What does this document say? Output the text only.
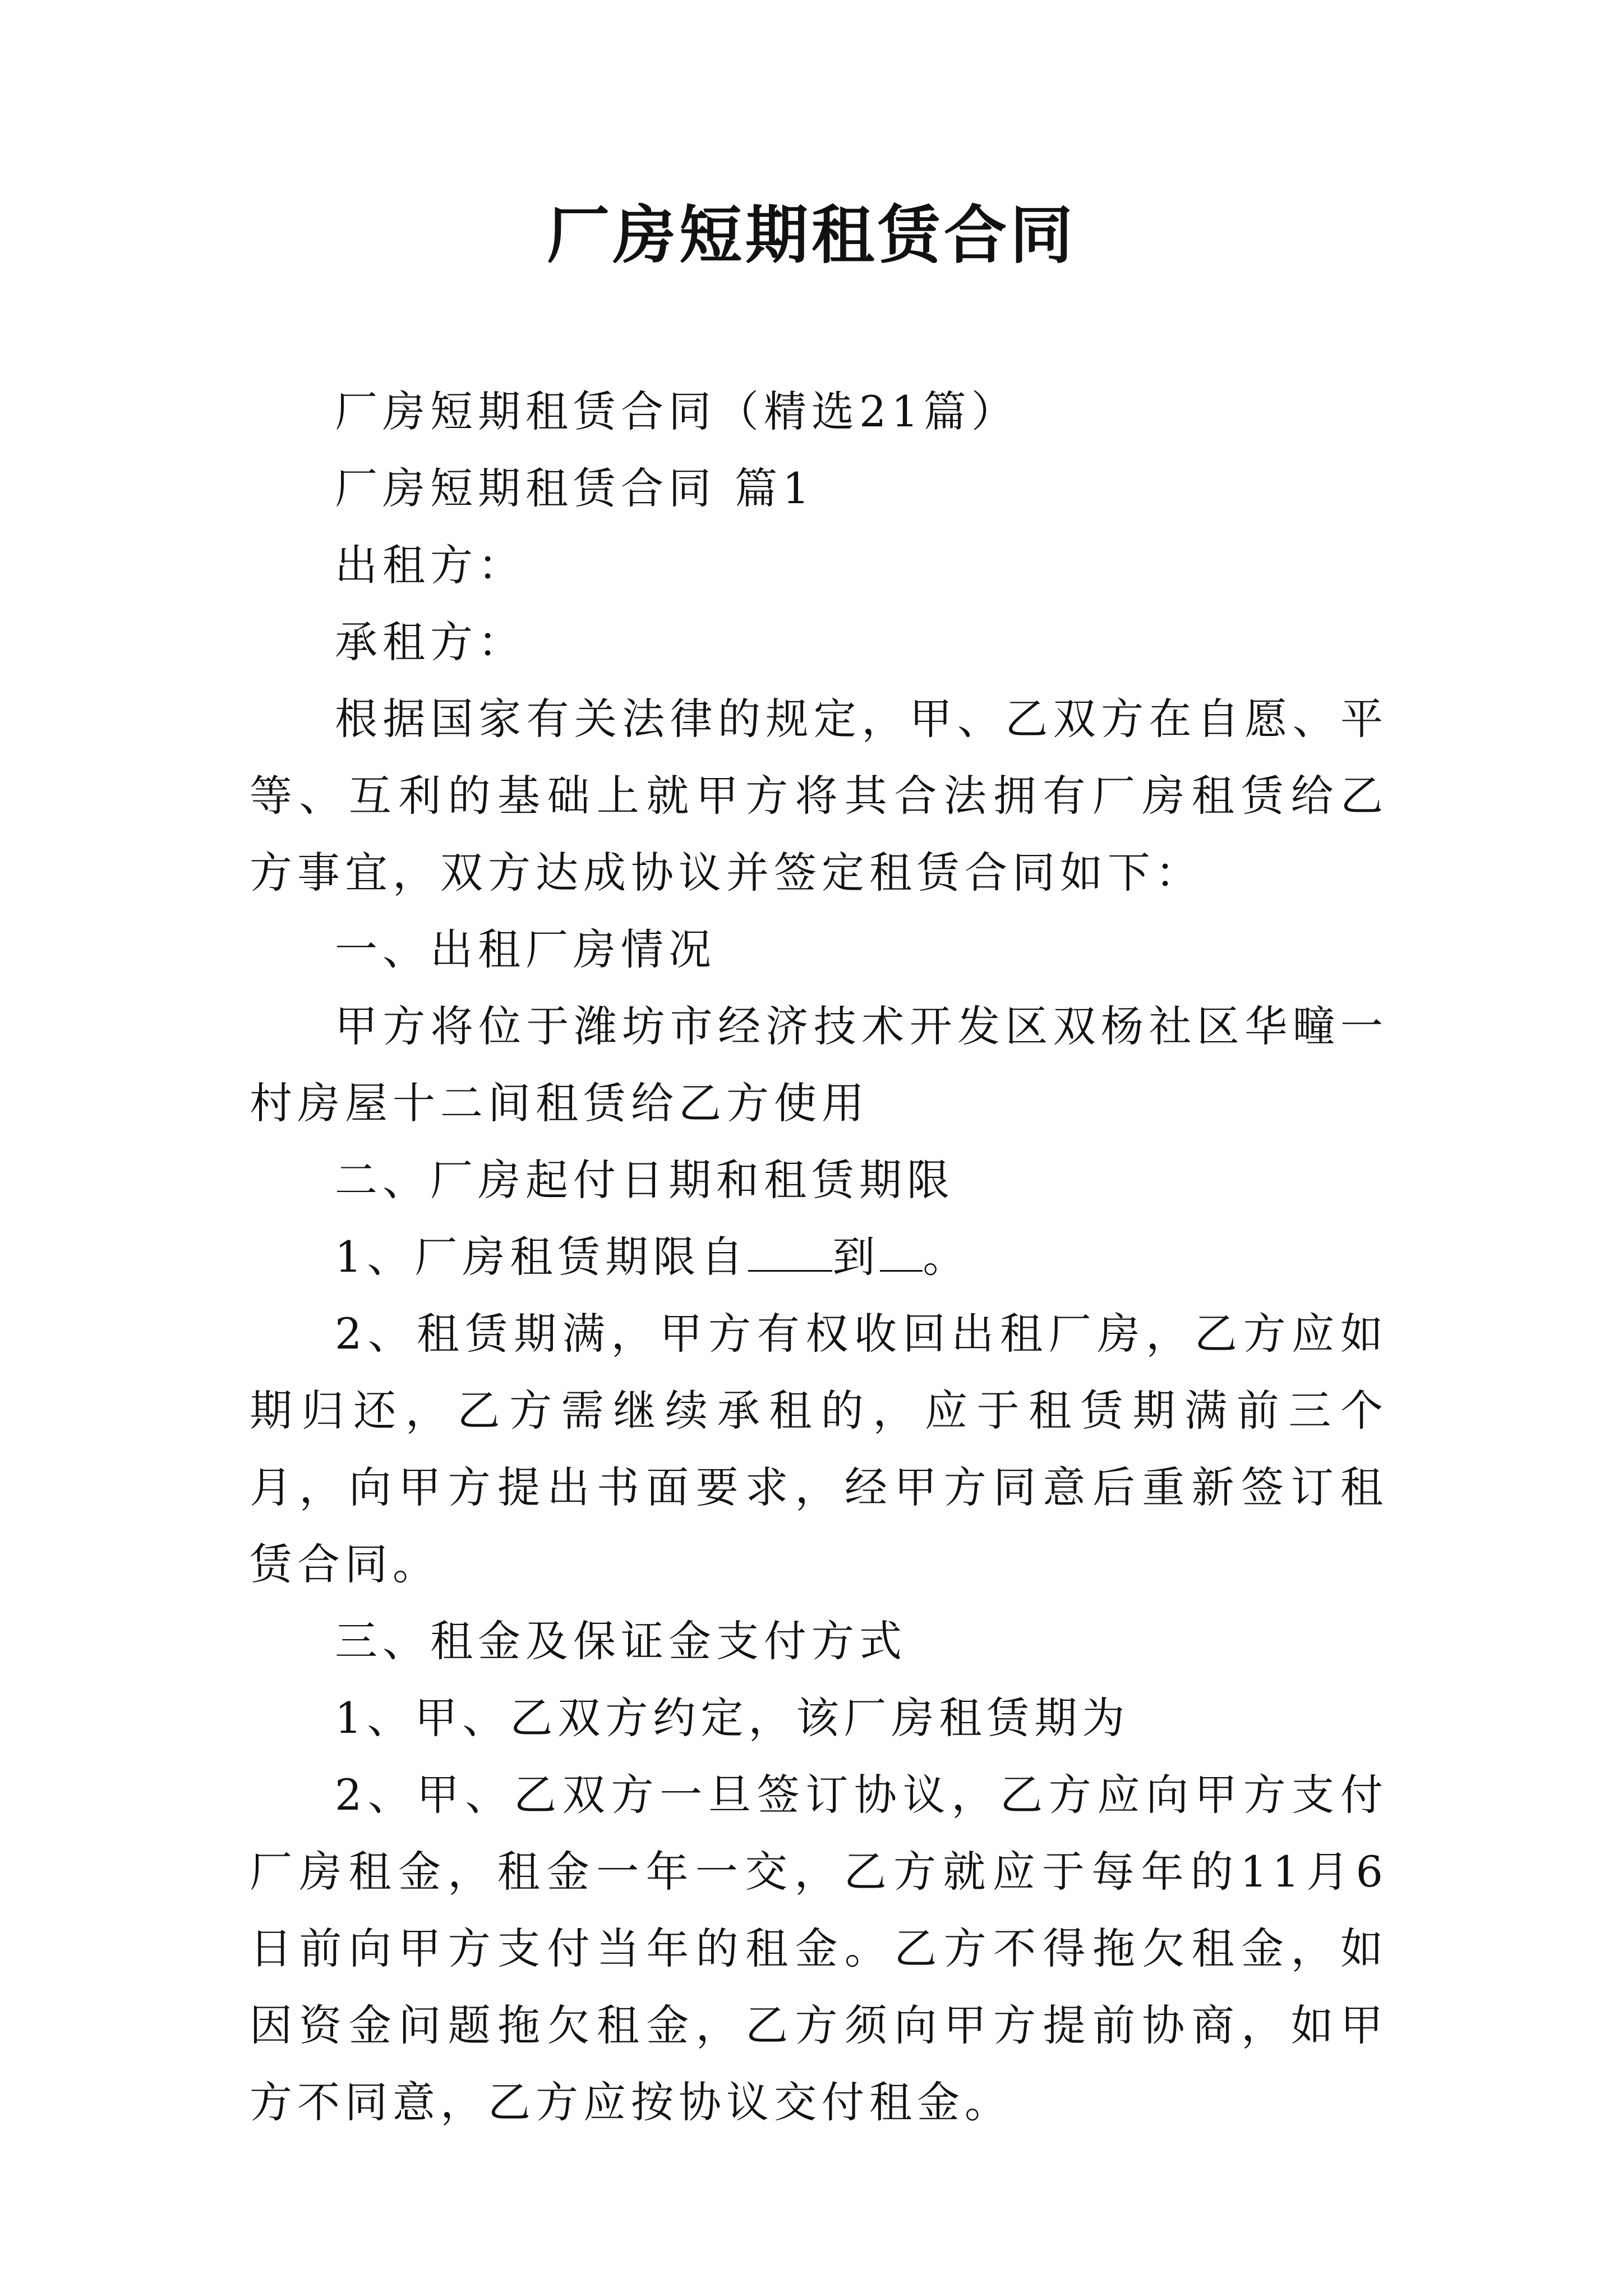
厂房短期租赁合同

厂房短期租赁合同（精选21篇）

厂房短期租赁合同 篇1

出租方：

承租方：

根据国家有关法律的规定，甲、乙双方在自愿、平等、互利的基础上就甲方将其合法拥有厂房租赁给乙方事宜，双方达成协议并签定租赁合同如下：

一、出租厂房情况

甲方将位于潍坊市经济技术开发区双杨社区华疃一村房屋十二间租赁给乙方使用

二、厂房起付日期和租赁期限

1、厂房租赁期限自 到 。

2、租赁期满，甲方有权收回出租厂房，乙方应如期归还，乙方需继续承租的，应于租赁期满前三个月，向甲方提出书面要求，经甲方同意后重新签订租赁合同。

三、租金及保证金支付方式

1、甲、乙双方约定，该厂房租赁期为

2、甲、乙双方一旦签订协议，乙方应向甲方支付厂房租金，租金一年一交，乙方就应于每年的11月6日前向甲方支付当年的租金。乙方不得拖欠租金，如因资金问题拖欠租金，乙方须向甲方提前协商，如甲方不同意，乙方应按协议交付租金。
